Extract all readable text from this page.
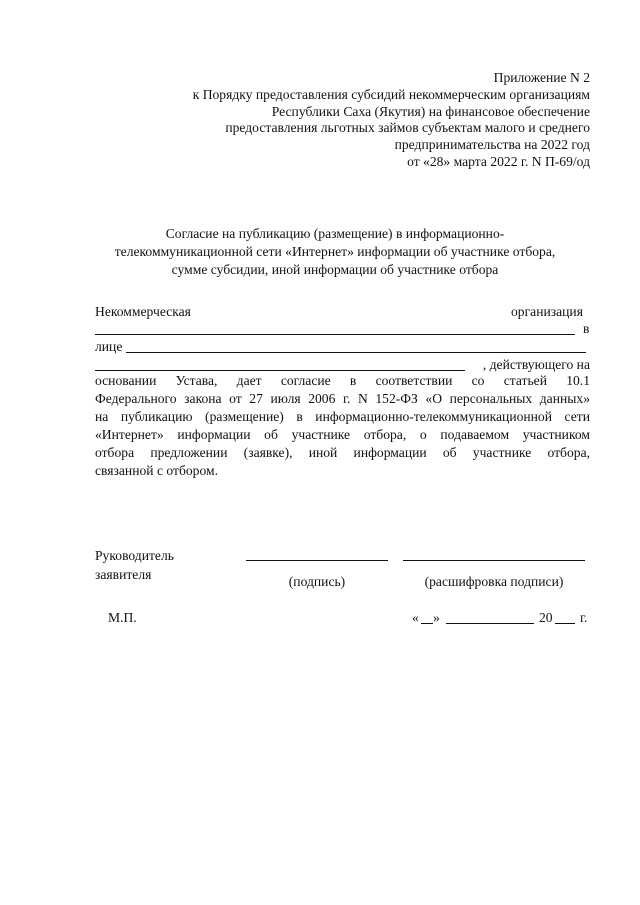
Приложение N 2
к Порядку предоставления субсидий некоммерческим организациям
Республики Саха (Якутия) на финансовое обеспечение
предоставления льготных займов субъектам малого и среднего
предпринимательства на 2022 год
от «28» марта 2022 г. N П-69/од
Согласие на публикацию (размещение) в информационно-
телекоммуникационной сети «Интернет» информации об участнике отбора,
сумме субсидии, иной информации об участнике отбора
Некоммерческая	организация
в
лице
, действующего на
основании Устава, дает согласие в соответствии со статьей 10.1
Федерального закона от 27 июля 2006 г. N 152-ФЗ «О персональных данных»
на публикацию (размещение) в информационно-телекоммуникационной сети
«Интернет» информации об участнике отбора, о подаваемом участником
отбора предложении (заявке), иной информации об участнике отбора,
связанной с отбором.
Руководитель
заявителя	(подпись)	(расшифровка подписи)
М.П.	« »	20 г.
